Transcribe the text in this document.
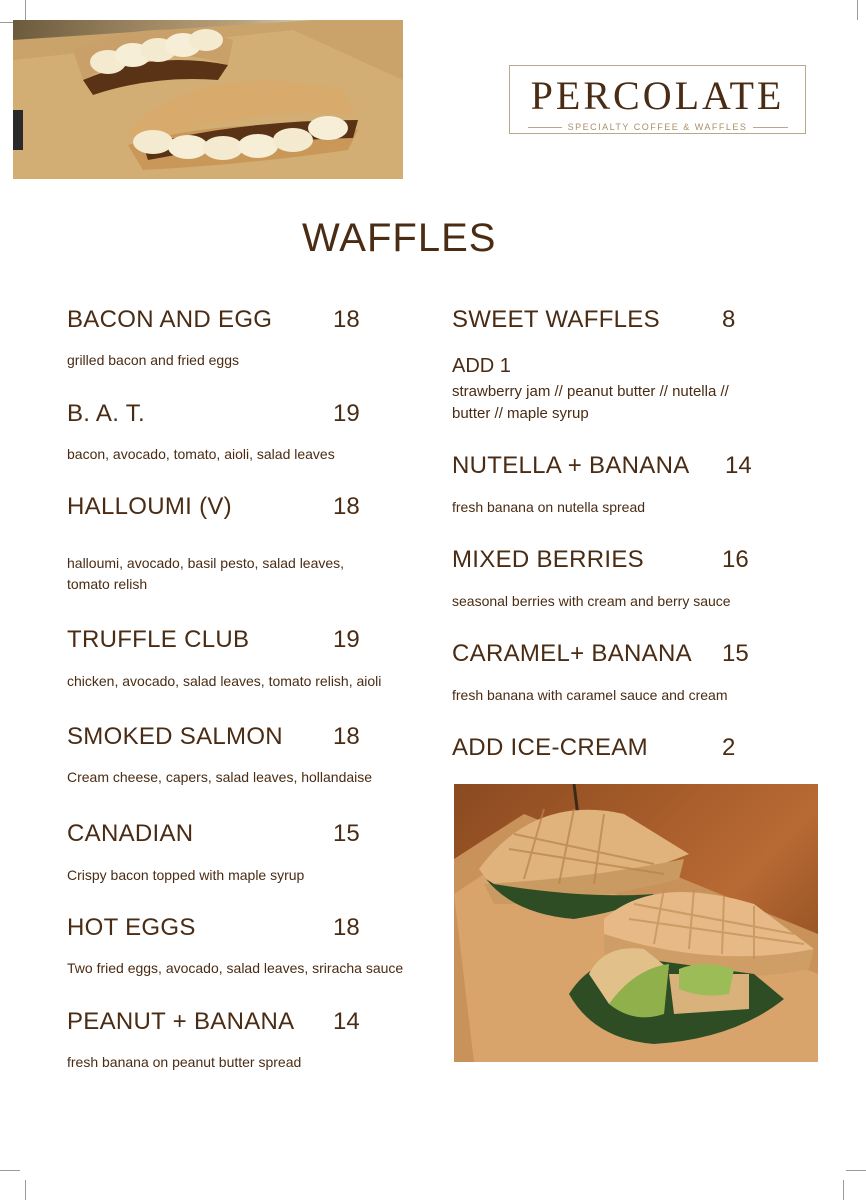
PERCOLATE
SPECIALTY COFFEE & WAFFLES
WAFFLES
BACON AND EGG	18
grilled bacon and fried eggs
B. A. T.	19
bacon, avocado, tomato, aioli, salad leaves
HALLOUMI (V)	18
halloumi, avocado, basil pesto, salad leaves,
tomato relish
TRUFFLE CLUB	19
chicken, avocado, salad leaves, tomato relish, aioli
SMOKED SALMON 18
Cream cheese, capers, salad leaves, hollandaise
CANADIAN	15
Crispy bacon topped with maple syrup
HOT EGGS	18
Two fried eggs, avocado, salad leaves, sriracha sauce
PEANUT + BANANA 14
fresh banana on peanut butter spread
SWEET WAFFLES	8
ADD 1
strawberry jam // peanut butter // nutella //
butter // maple syrup
NUTELLA + BANANA 14
fresh banana on nutella spread
MIXED BERRIES	16
seasonal berries with cream and berry sauce
CARAMEL+ BANANA 15
fresh banana with caramel sauce and cream
ADD ICE-CREAM	2
